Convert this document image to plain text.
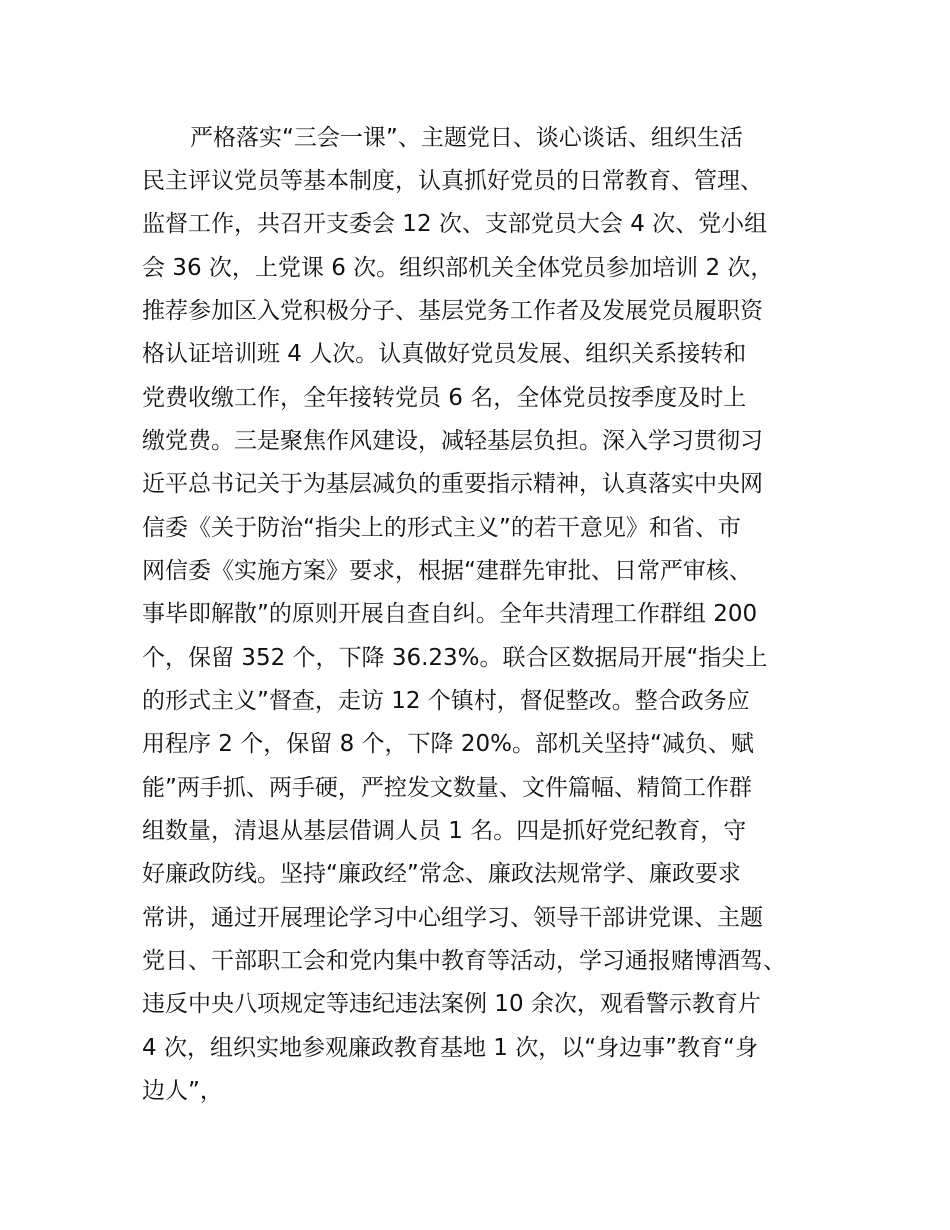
严格落实“三会一课”、主题党日、谈心谈话、组织生活
民主评议党员等基本制度，认真抓好党员的日常教育、管理、
监督工作，共召开支委会 12 次、支部党员大会 4 次、党小组
会 36 次，上党课 6 次。组织部机关全体党员参加培训 2 次，
推荐参加区入党积极分子、基层党务工作者及发展党员履职资
格认证培训班 4 人次。认真做好党员发展、组织关系接转和
党费收缴工作，全年接转党员 6 名，全体党员按季度及时上
缴党费。三是聚焦作风建设，减轻基层负担。深入学习贯彻习
近平总书记关于为基层减负的重要指示精神，认真落实中央网
信委《关于防治“指尖上的形式主义”的若干意见》和省、市
网信委《实施方案》要求，根据“建群先审批、日常严审核、
事毕即解散”的原则开展自查自纠。全年共清理工作群组 200
个，保留 352 个，下降 36.23%。联合区数据局开展“指尖上
的形式主义”督查，走访 12 个镇村，督促整改。整合政务应
用程序 2 个，保留 8 个，下降 20%。部机关坚持“减负、赋
能”两手抓、两手硬，严控发文数量、文件篇幅、精简工作群
组数量，清退从基层借调人员 1 名。四是抓好党纪教育，守
好廉政防线。坚持“廉政经”常念、廉政法规常学、廉政要求
常讲，通过开展理论学习中心组学习、领导干部讲党课、主题
党日、干部职工会和党内集中教育等活动，学习通报赌博酒驾、
违反中央八项规定等违纪违法案例 10 余次，观看警示教育片
4 次，组织实地参观廉政教育基地 1 次，以“身边事”教育“身
边人”，
